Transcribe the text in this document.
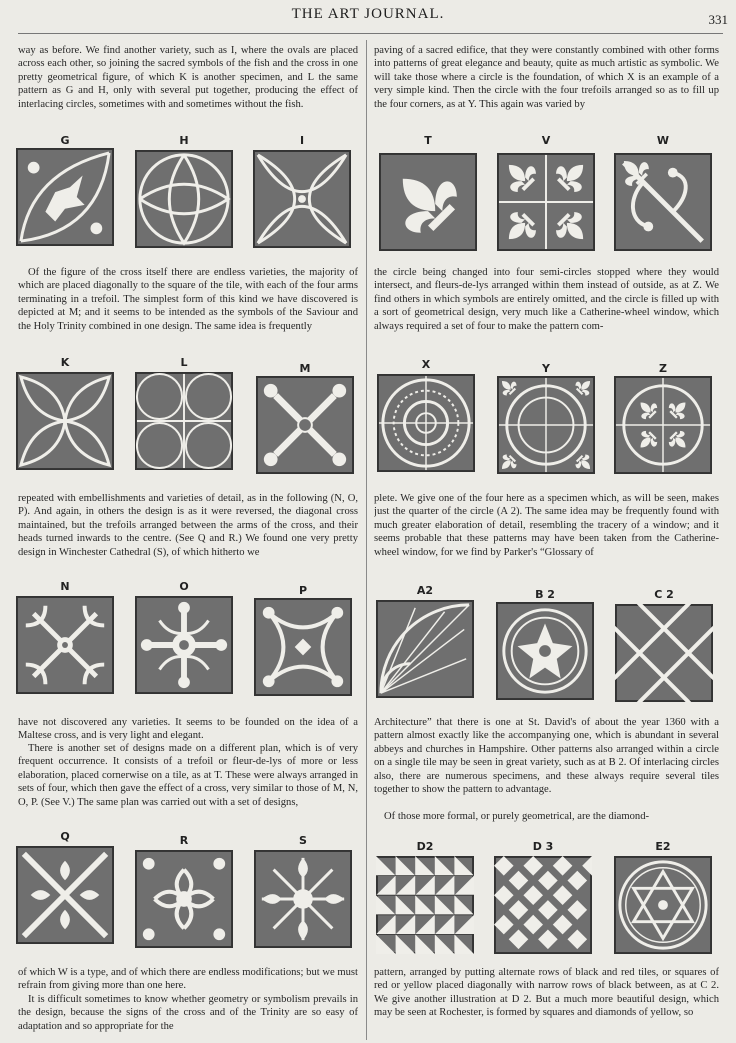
THE ART JOURNAL.	331
way as before. We find another variety, such as I, where the ovals are placed across each other, so joining the sacred symbols of the fish and the cross in one pretty geometrical figure, of which K is another specimen, and L the same pattern as G and H, only with several put together, producing the effect of interlacing circles, sometimes with and sometimes without the fish.
Of the figure of the cross itself there are endless varieties, the majority of which are placed diagonally to the square of the tile, with each of the four arms terminating in a trefoil. The simplest form of this kind we have discovered is depicted at M; and it seems to be intended as the symbols of the Saviour and the Holy Trinity combined in one design. The same idea is frequently
repeated with embellishments and varieties of detail, as in the following (N, O, P). And again, in others the design is as it were reversed, the diagonal cross maintained, but the trefoils arranged between the arms of the cross, and their heads turned inwards to the centre. (See Q and R.) We found one very pretty design in Winchester Cathedral (S), of which hitherto we
have not discovered any varieties. It seems to be founded on the idea of a Maltese cross, and is very light and elegant.
There is another set of designs made on a different plan, which is of very frequent occurrence. It consists of a trefoil or fleur-de-lys of more or less elaboration, placed cornerwise on a tile, as at T. These were always arranged in sets of four, which then gave the effect of a cross, very similar to those of M, N, O, P. (See V.) The same plan was carried out with a set of designs,
of which W is a type, and of which there are endless modifications; but we must refrain from giving more than one here.
It is difficult sometimes to know whether geometry or symbolism prevails in the design, because the signs of the cross and of the Trinity are so easy of adaptation and so appropriate for the
paving of a sacred edifice, that they were constantly combined with other forms into patterns of great elegance and beauty, quite as much artistic as symbolic. We will take those where a circle is the foundation, of which X is an example of a very simple kind. Then the circle with the four trefoils arranged so as to fill up the four corners, as at Y. This again was varied by
the circle being changed into four semi-circles stopped where they would intersect, and fleurs-de-lys arranged within them instead of outside, as at Z. We find others in which symbols are entirely omitted, and the circle is filled up with a sort of geometrical design, very much like a Catherine-wheel window, which always required a set of four to make the pattern com-
plete. We give one of the four here as a specimen which, as will be seen, makes just the quarter of the circle (A 2). The same idea may be frequently found with much greater elaboration of detail, resembling the tracery of a window; and it seems probable that these patterns may have been taken from the Catherine-wheel window, for we find by Parker's “Glossary of
Architecture” that there is one at St. David's of about the year 1360 with a pattern almost exactly like the accompanying one, which is abundant in several abbeys and churches in Hampshire. Other patterns also arranged within a circle on a single tile may be seen in great variety, such as at B 2. Of interlacing circles also, there are numerous specimens, and these always require several tiles together to show the pattern to advantage.
Of those more formal, or purely geometrical, are the diamond-
pattern, arranged by putting alternate rows of black and red tiles, or squares of red or yellow placed diagonally with narrow rows of black between, as at C 2. We give another illustration at D 2. But a much more beautiful design, which may be seen at Rochester, is formed by squares and diamonds of yellow, so
G	H	I	T	V	W
K	L	M	X	Y	Z
N	O	P	A2	B 2	C 2
Q	R	S	D2	D 3	E2
